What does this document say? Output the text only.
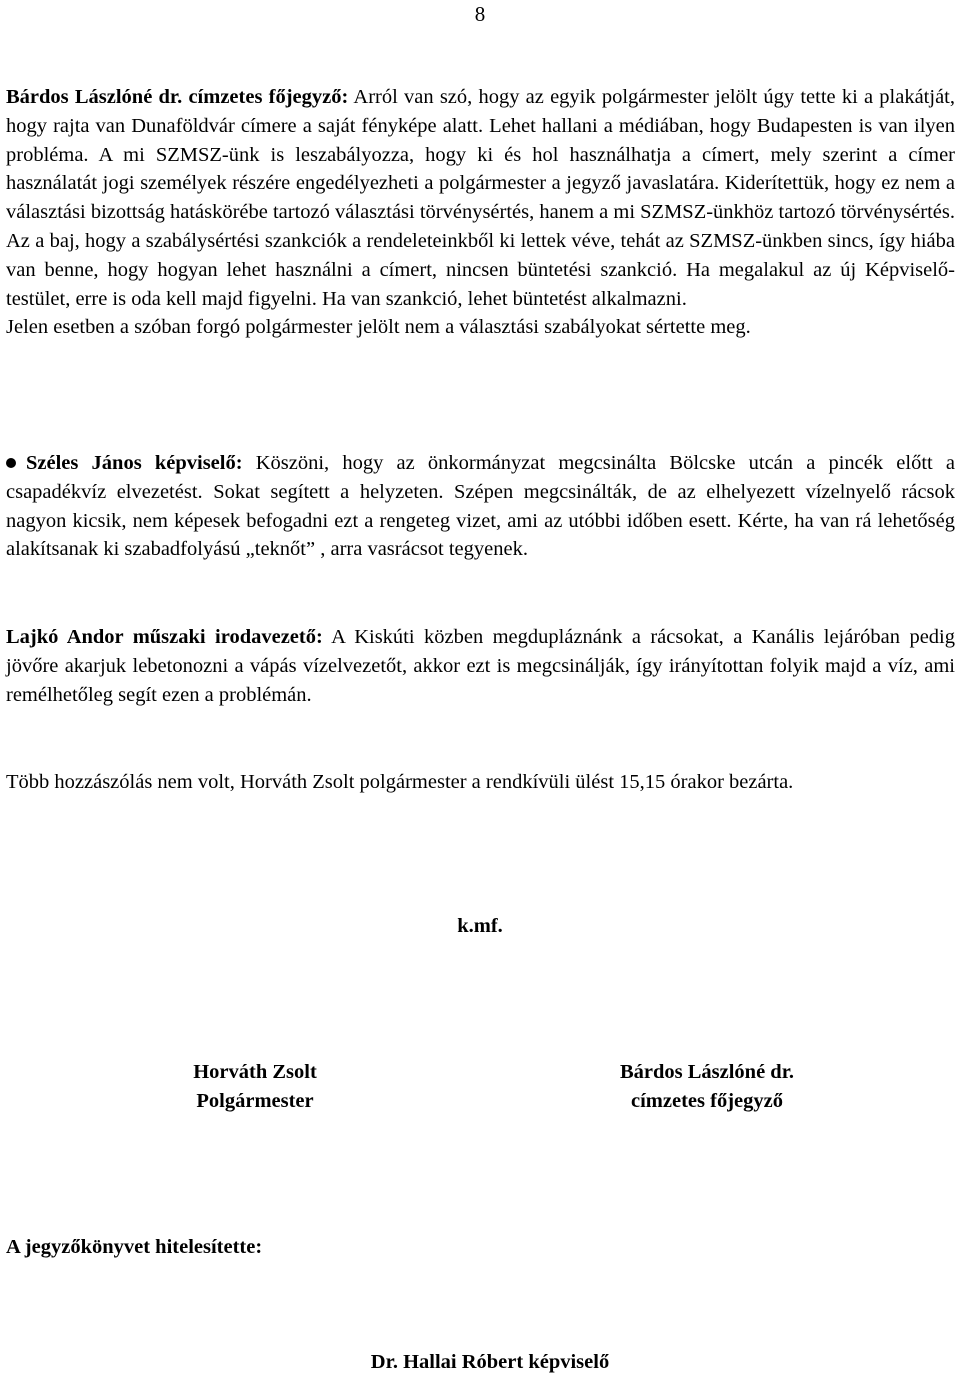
8

Bárdos Lászlóné dr. címzetes főjegyző: Arról van szó, hogy az egyik polgármester jelölt úgy tette ki a plakátját, hogy rajta van Dunaföldvár címere a saját fényképe alatt. Lehet hallani a médiában, hogy Budapesten is van ilyen probléma. A mi SZMSZ-ünk is leszabályozza, hogy ki és hol használhatja a címert, mely szerint a címer használatát jogi személyek részére engedélyezheti a polgármester a jegyző javaslatára. Kiderítettük, hogy ez nem a választási bizottság hatáskörébe tartozó választási törvénysértés, hanem a mi SZMSZ-ünkhöz tartozó törvénysértés. Az a baj, hogy a szabálysértési szankciók a rendeleteinkből ki lettek véve, tehát az SZMSZ-ünkben sincs, így hiába van benne, hogy hogyan lehet használni a címert, nincsen büntetési szankció. Ha megalakul az új Képviselő-testület, erre is oda kell majd figyelni. Ha van szankció, lehet büntetést alkalmazni.
Jelen esetben a szóban forgó polgármester jelölt nem a választási szabályokat sértette meg.

Széles János képviselő: Köszöni, hogy az önkormányzat megcsinálta Bölcske utcán a pincék előtt a csapadékvíz elvezetést. Sokat segített a helyzeten. Szépen megcsinálták, de az elhelyezett vízelnyelő rácsok nagyon kicsik, nem képesek befogadni ezt a rengeteg vizet, ami az utóbbi időben esett. Kérte, ha van rá lehetőség alakítsanak ki szabadfolyású „teknőt” , arra vasrácsot tegyenek.

Lajkó Andor műszaki irodavezető: A Kiskúti közben megdupláznánk a rácsokat, a Kanális lejáróban pedig jövőre akarjuk lebetonozni a vápás vízelvezetőt, akkor ezt is megcsinálják, így irányítottan folyik majd a víz, ami remélhetőleg segít ezen a problémán.

Több hozzászólás nem volt, Horváth Zsolt polgármester a rendkívüli ülést 15,15 órakor bezárta.

k.mf.
Horváth Zsolt
Polgármester
Bárdos Lászlóné dr.
címzetes főjegyző
A jegyzőkönyvet hitelesítette:
Dr. Hallai Róbert képviselő
